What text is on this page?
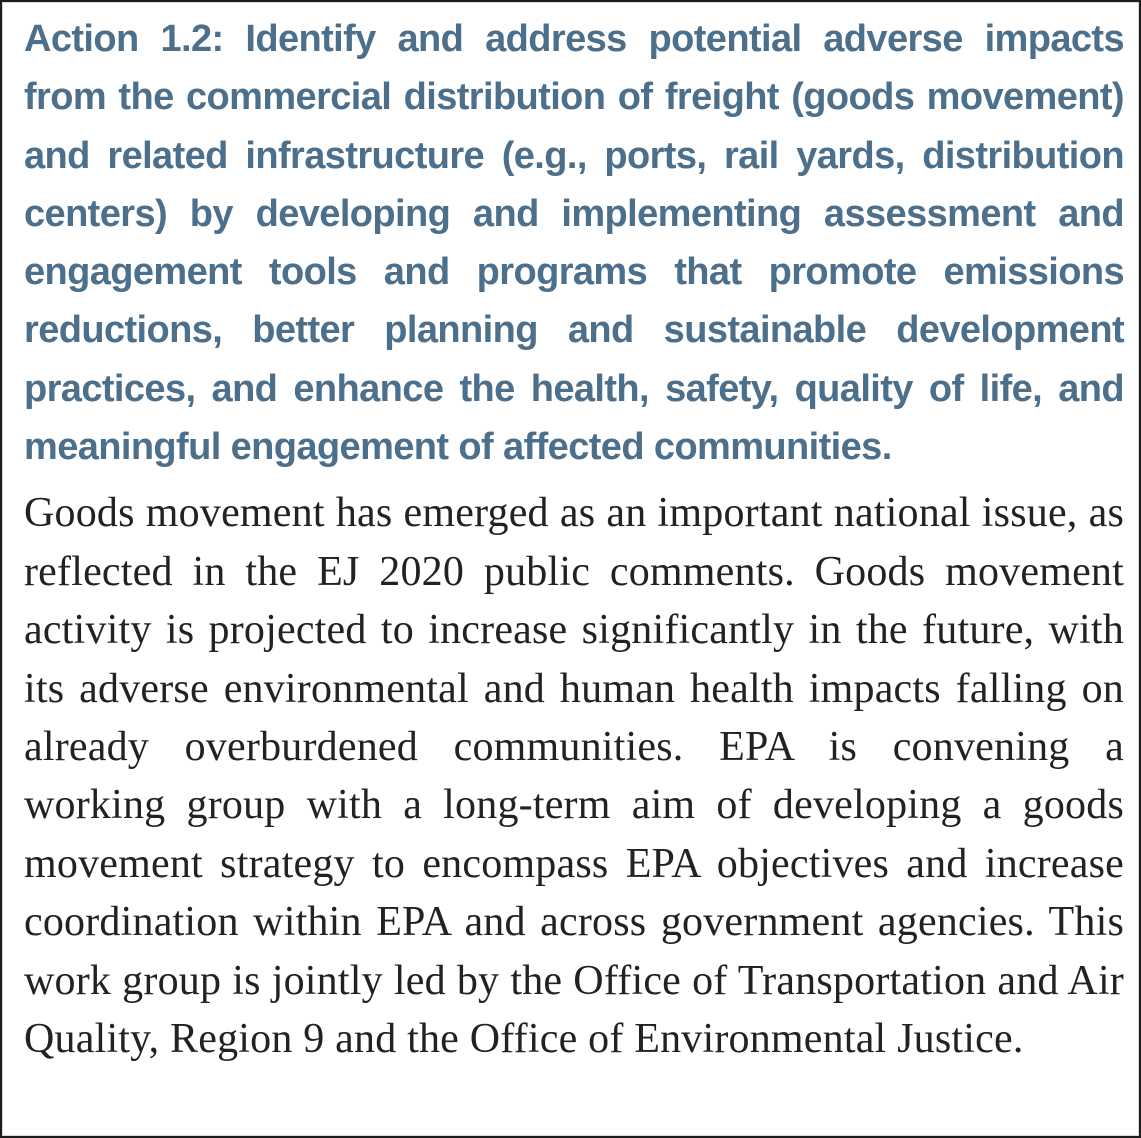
Action 1.2: Identify and address potential adverse impacts from the commercial distribution of freight (goods movement) and related infrastructure (e.g., ports, rail yards, distribution centers) by developing and implementing assessment and engagement tools and programs that promote emissions reductions, better planning and sustainable development practices, and enhance the health, safety, quality of life, and meaningful engagement of affected communities.

Goods movement has emerged as an important national issue, as reflected in the EJ 2020 public comments. Goods movement activity is projected to increase significantly in the future, with its adverse environmental and human health impacts falling on already overburdened communities. EPA is convening a working group with a long-term aim of developing a goods movement strategy to encompass EPA objectives and increase coordination within EPA and across government agencies. This work group is jointly led by the Office of Transportation and Air Quality, Region 9 and the Office of Environmental Justice.
